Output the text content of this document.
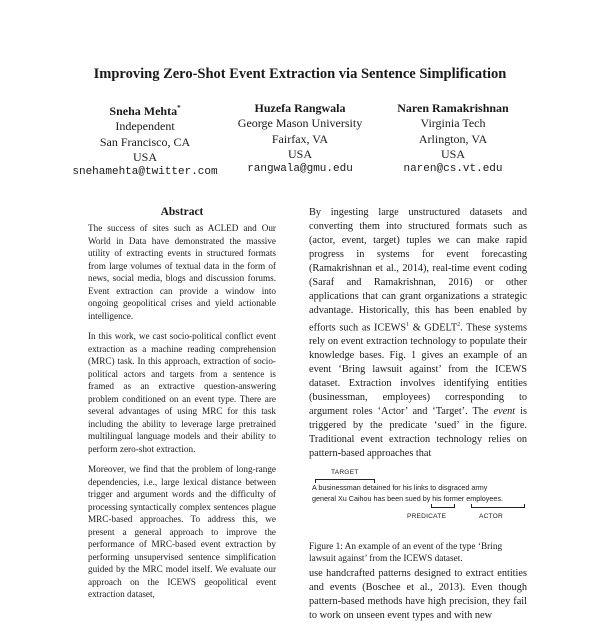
Improving Zero-Shot Event Extraction via Sentence Simplification
Sneha Mehta*
Independent
San Francisco, CA
USA
snehamehta@twitter.com
Huzefa Rangwala
George Mason University
Fairfax, VA
USA
rangwala@gmu.edu
Naren Ramakrishnan
Virginia Tech
Arlington, VA
USA
naren@cs.vt.edu
Abstract

The success of sites such as ACLED and Our World in Data have demonstrated the massive utility of extracting events in structured formats from large volumes of textual data in the form of news, social media, blogs and discussion forums. Event extraction can provide a window into ongoing geopolitical crises and yield actionable intelligence.

In this work, we cast socio-political conflict event extraction as a machine reading comprehension (MRC) task. In this approach, extraction of socio-political actors and targets from a sentence is framed as an extractive question-answering problem conditioned on an event type. There are several advantages of using MRC for this task including the ability to leverage large pretrained multilingual language models and their ability to perform zero-shot extraction.

Moreover, we find that the problem of long-range dependencies, i.e., large lexical distance between trigger and argument words and the difficulty of processing syntactically complex sentences plague MRC-based approaches. To address this, we present a general approach to improve the performance of MRC-based event extraction by performing unsupervised sentence simplification guided by the MRC model itself. We evaluate our approach on the ICEWS geopolitical event extraction dataset,

By ingesting large unstructured datasets and converting them into structured formats such as (actor, event, target) tuples we can make rapid progress in systems for event forecasting (Ramakrishnan et al., 2014), real-time event coding (Saraf and Ramakrishnan, 2016) or other applications that can grant organizations a strategic advantage. Historically, this has been enabled by efforts such as ICEWS$^1$ & GDELT$^2$. These systems rely on event extraction technology to populate their knowledge bases. Fig. 1 gives an example of an event ‘Bring lawsuit against’ from the ICEWS dataset. Extraction involves identifying entities (businessman, employees) corresponding to argument roles ‘Actor’ and ‘Target’. The event is triggered by the predicate ‘sued’ in the figure. Traditional event extraction technology relies on pattern-based approaches that

TARGET
A businessman detained for his links to disgraced army
general Xu Caihou has been sued by his former employees.
PREDICATE	ACTOR

Figure 1: An example of an event of the type ‘Bring lawsuit against’ from the ICEWS dataset.

use handcrafted patterns designed to extract entities and events (Boschee et al., 2013). Even though pattern-based methods have high precision, they fail to work on unseen event types and with new
